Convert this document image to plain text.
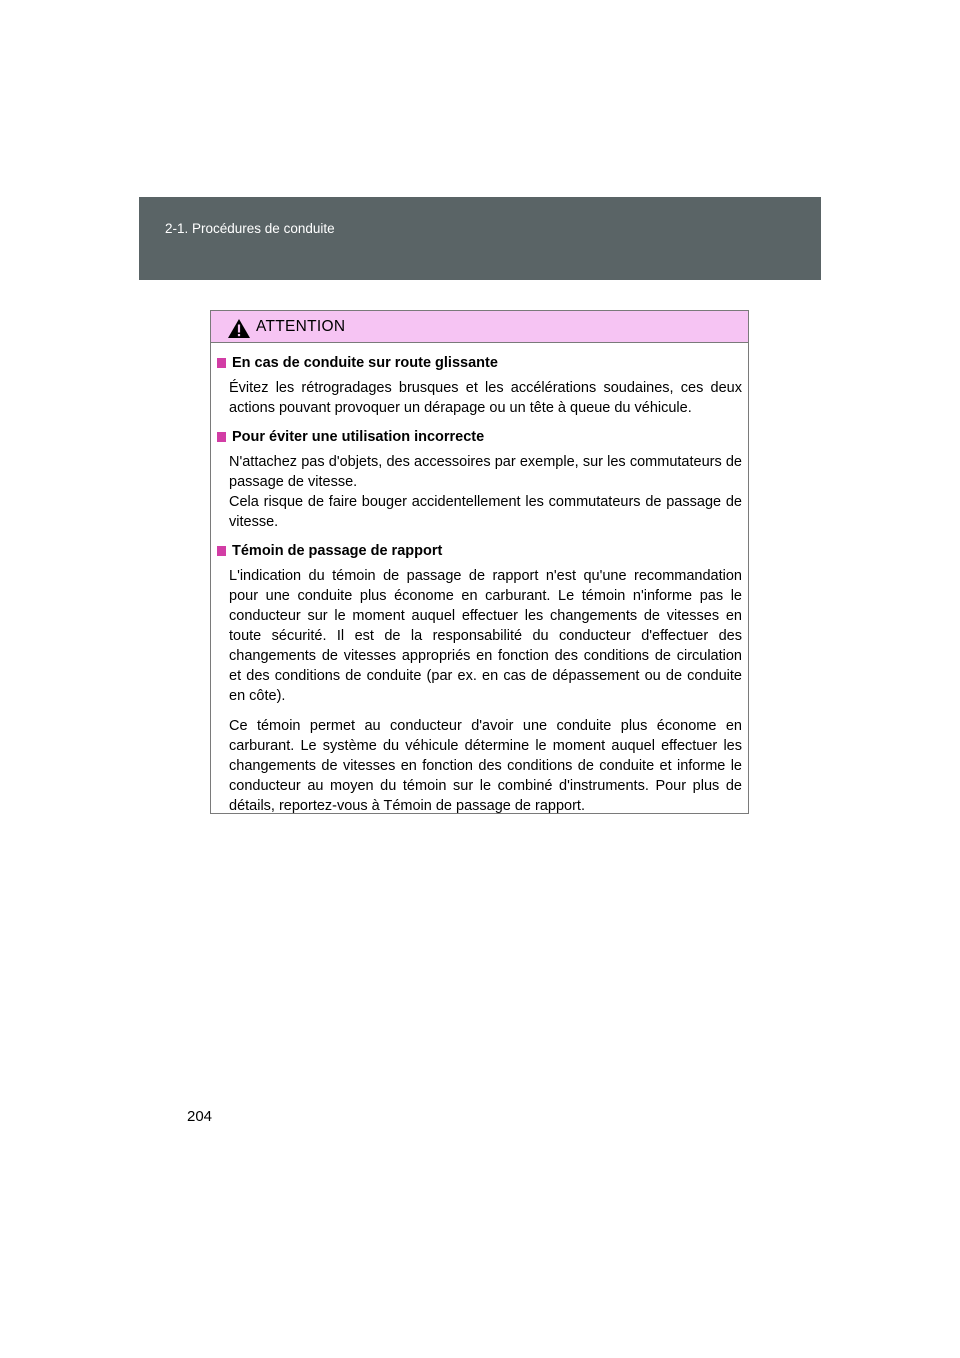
2-1. Procédures de conduite
ATTENTION
En cas de conduite sur route glissante

Évitez les rétrogradages brusques et les accélérations soudaines, ces deux actions pouvant provoquer un dérapage ou un tête à queue du véhicule.

Pour éviter une utilisation incorrecte

N'attachez pas d'objets, des accessoires par exemple, sur les commutateurs de passage de vitesse.

Cela risque de faire bouger accidentellement les commutateurs de passage de vitesse.

Témoin de passage de rapport

L'indication du témoin de passage de rapport n'est qu'une recommandation pour une conduite plus économe en carburant. Le témoin n'informe pas le conducteur sur le moment auquel effectuer les changements de vitesses en toute sécurité. Il est de la responsabilité du conducteur d'effectuer des changements de vitesses appropriés en fonction des conditions de circulation et des conditions de conduite (par ex. en cas de dépassement ou de conduite en côte).

Ce témoin permet au conducteur d'avoir une conduite plus économe en carburant. Le système du véhicule détermine le moment auquel effectuer les changements de vitesses en fonction des conditions de conduite et informe le conducteur au moyen du témoin sur le combiné d'instruments. Pour plus de détails, reportez-vous à Témoin de passage de rapport.

204
